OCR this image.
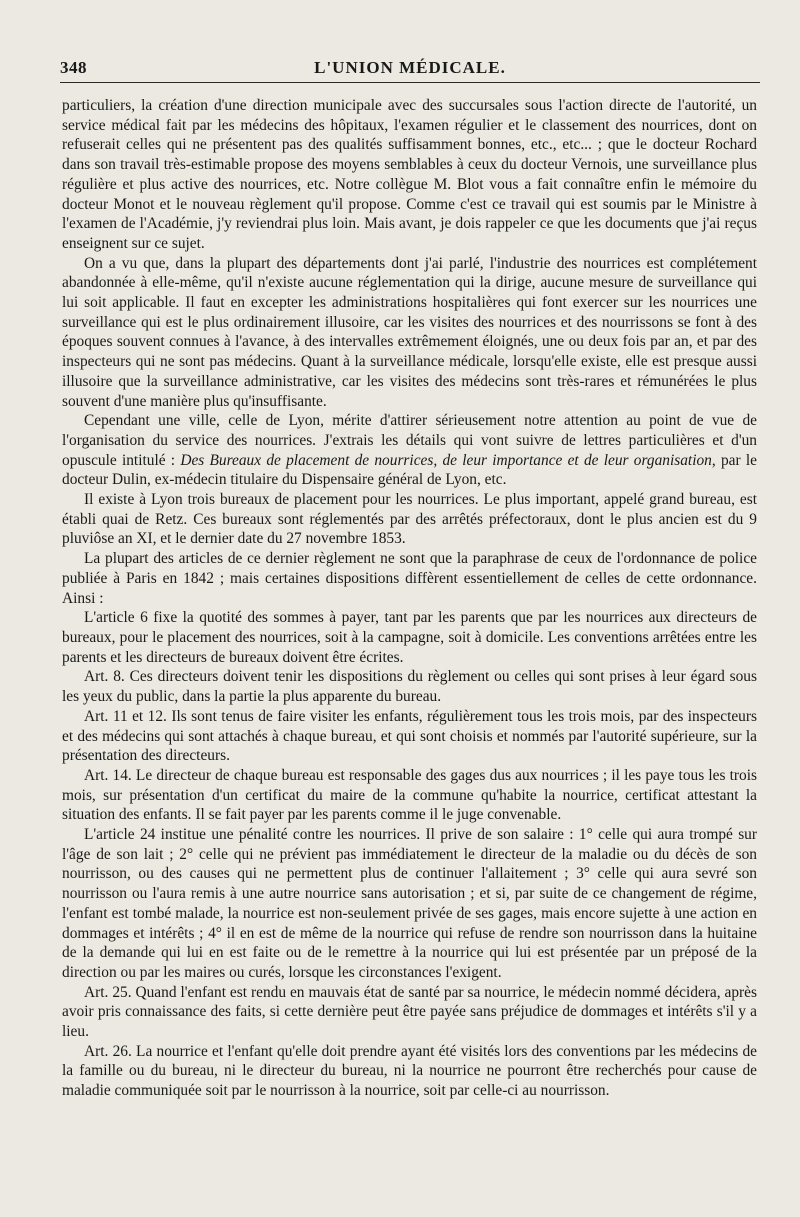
348	L'UNION MÉDICALE.

particuliers, la création d'une direction municipale avec des succursales sous l'action directe de l'autorité, un service médical fait par les médecins des hôpitaux, l'examen régulier et le classement des nourrices, dont on refuserait celles qui ne présentent pas des qualités suffisamment bonnes, etc., etc... ; que le docteur Rochard dans son travail très-estimable propose des moyens semblables à ceux du docteur Vernois, une surveillance plus régulière et plus active des nourrices, etc. Notre collègue M. Blot vous a fait connaître enfin le mémoire du docteur Monot et le nouveau règlement qu'il propose. Comme c'est ce travail qui est soumis par le Ministre à l'examen de l'Académie, j'y reviendrai plus loin. Mais avant, je dois rappeler ce que les documents que j'ai reçus enseignent sur ce sujet.

On a vu que, dans la plupart des départements dont j'ai parlé, l'industrie des nourrices est complétement abandonnée à elle-même, qu'il n'existe aucune réglementation qui la dirige, aucune mesure de surveillance qui lui soit applicable. Il faut en excepter les administrations hospitalières qui font exercer sur les nourrices une surveillance qui est le plus ordinairement illusoire, car les visites des nourrices et des nourrissons se font à des époques souvent connues à l'avance, à des intervalles extrêmement éloignés, une ou deux fois par an, et par des inspecteurs qui ne sont pas médecins. Quant à la surveillance médicale, lorsqu'elle existe, elle est presque aussi illusoire que la surveillance administrative, car les visites des médecins sont très-rares et rémunérées le plus souvent d'une manière plus qu'insuffisante.

Cependant une ville, celle de Lyon, mérite d'attirer sérieusement notre attention au point de vue de l'organisation du service des nourrices. J'extrais les détails qui vont suivre de lettres particulières et d'un opuscule intitulé : Des Bureaux de placement de nourrices, de leur importance et de leur organisation, par le docteur Dulin, ex-médecin titulaire du Dispensaire général de Lyon, etc.

Il existe à Lyon trois bureaux de placement pour les nourrices. Le plus important, appelé grand bureau, est établi quai de Retz. Ces bureaux sont réglementés par des arrêtés préfectoraux, dont le plus ancien est du 9 pluviôse an XI, et le dernier date du 27 novembre 1853.

La plupart des articles de ce dernier règlement ne sont que la paraphrase de ceux de l'ordonnance de police publiée à Paris en 1842 ; mais certaines dispositions diffèrent essentiellement de celles de cette ordonnance. Ainsi :

L'article 6 fixe la quotité des sommes à payer, tant par les parents que par les nourrices aux directeurs de bureaux, pour le placement des nourrices, soit à la campagne, soit à domicile. Les conventions arrêtées entre les parents et les directeurs de bureaux doivent être écrites.

Art. 8. Ces directeurs doivent tenir les dispositions du règlement ou celles qui sont prises à leur égard sous les yeux du public, dans la partie la plus apparente du bureau.

Art. 11 et 12. Ils sont tenus de faire visiter les enfants, régulièrement tous les trois mois, par des inspecteurs et des médecins qui sont attachés à chaque bureau, et qui sont choisis et nommés par l'autorité supérieure, sur la présentation des directeurs.

Art. 14. Le directeur de chaque bureau est responsable des gages dus aux nourrices ; il les paye tous les trois mois, sur présentation d'un certificat du maire de la commune qu'habite la nourrice, certificat attestant la situation des enfants. Il se fait payer par les parents comme il le juge convenable.

L'article 24 institue une pénalité contre les nourrices. Il prive de son salaire : 1° celle qui aura trompé sur l'âge de son lait ; 2° celle qui ne prévient pas immédiatement le directeur de la maladie ou du décès de son nourrisson, ou des causes qui ne permettent plus de continuer l'allaitement ; 3° celle qui aura sevré son nourrisson ou l'aura remis à une autre nourrice sans autorisation ; et si, par suite de ce changement de régime, l'enfant est tombé malade, la nourrice est non-seulement privée de ses gages, mais encore sujette à une action en dommages et intérêts ; 4° il en est de même de la nourrice qui refuse de rendre son nourrisson dans la huitaine de la demande qui lui en est faite ou de le remettre à la nourrice qui lui est présentée par un préposé de la direction ou par les maires ou curés, lorsque les circonstances l'exigent.

Art. 25. Quand l'enfant est rendu en mauvais état de santé par sa nourrice, le médecin nommé décidera, après avoir pris connaissance des faits, si cette dernière peut être payée sans préjudice de dommages et intérêts s'il y a lieu.

Art. 26. La nourrice et l'enfant qu'elle doit prendre ayant été visités lors des conventions par les médecins de la famille ou du bureau, ni le directeur du bureau, ni la nourrice ne pourront être recherchés pour cause de maladie communiquée soit par le nourrisson à la nourrice, soit par celle-ci au nourrisson.
